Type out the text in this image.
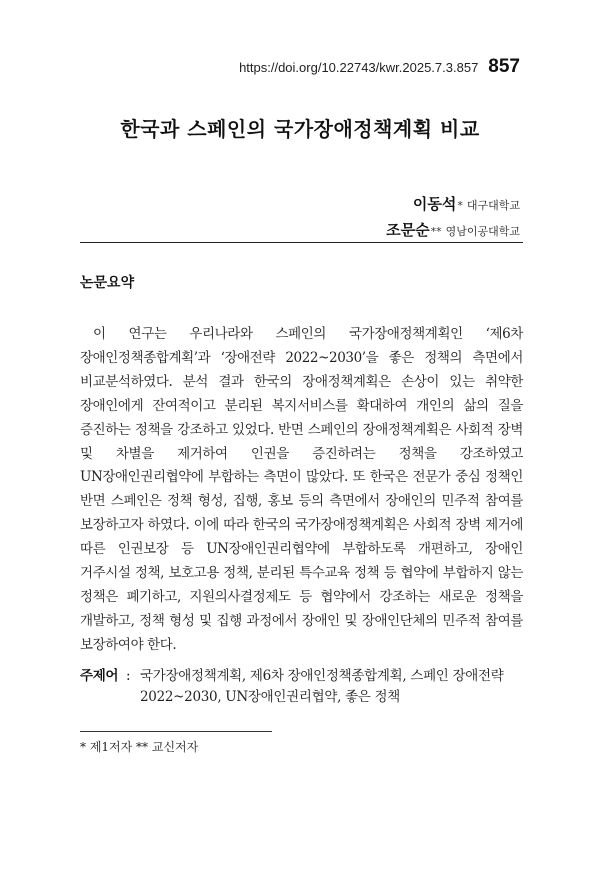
https://doi.org/10.22743/kwr.2025.7.3.857 857
한국과 스페인의 국가장애정책계획 비교
이동석* 대구대학교
조문순** 영남이공대학교
논문요약

이 연구는 우리나라와 스페인의 국가장애정책계획인 ‘제6차 장애인정책종합계획’과 ‘장애전략 2022~2030’을 좋은 정책의 측면에서 비교분석하였다. 분석 결과 한국의 장애정책계획은 손상이 있는 취약한 장애인에게 잔여적이고 분리된 복지서비스를 확대하여 개인의 삶의 질을 증진하는 정책을 강조하고 있었다. 반면 스페인의 장애정책계획은 사회적 장벽 및 차별을 제거하여 인권을 증진하려는 정책을 강조하였고 UN장애인권리협약에 부합하는 측면이 많았다. 또 한국은 전문가 중심 정책인 반면 스페인은 정책 형성, 집행, 홍보 등의 측면에서 장애인의 민주적 참여를 보장하고자 하였다. 이에 따라 한국의 국가장애정책계획은 사회적 장벽 제거에 따른 인권보장 등 UN장애인권리협약에 부합하도록 개편하고, 장애인 거주시설 정책, 보호고용 정책, 분리된 특수교육 정책 등 협약에 부합하지 않는 정책은 폐기하고, 지원의사결정제도 등 협약에서 강조하는 새로운 정책을 개발하고, 정책 형성 및 집행 과정에서 장애인 및 장애인단체의 민주적 참여를 보장하여야 한다.

주제어 : 국가장애정책계획, 제6차 장애인정책종합계획, 스페인 장애전략 2022~2030, UN장애인권리협약, 좋은 정책
* 제1저자 ** 교신저자
